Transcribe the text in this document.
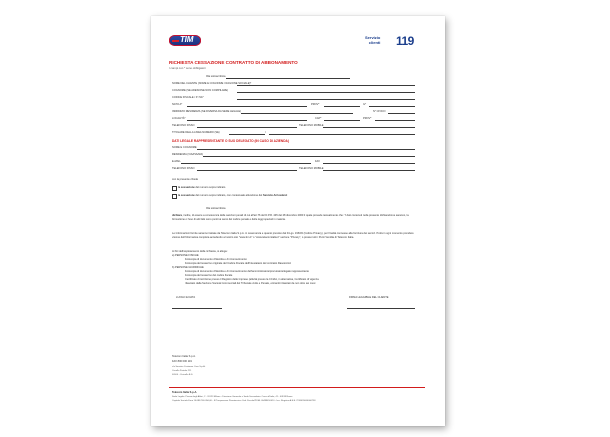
TIM	Servizio
clienti 119
RICHIESTA CESSAZIONE CONTRATTO DI ABBONAMENTO
I campi con * sono obbligatori
Il/la sottoscritto/a
NOME DEL CLIENTE (NOME E COGNOME / RAGIONE SOCIALE)*
COGNOME (SE ADESIONE NON COMPILARE)
CODICE FISCALE / P. IVA*
NATO A*	PROV*	IL*
INDIRIZZO RESIDENZA (SE DIVERSA DA SEDE LEGALE)	N° CIVICO
LOCALITÀ*	CAP*	PROV*
TELEFONO FISSO	TELEFONO MOBILE
TITOLARE DELLA LINEA NUMERO (SE)	/
DATI LEGALE RAPPRESENTANTE O SUO DELEGATO (IN CASO DI AZIENDA)
NOME E COGNOME
RESIDENZA (VIA/PIAZZA)
E-MAIL	FAX
TELEFONO FISSO	TELEFONO MOBILE
con la presente chiede
la cessazione del numero sopra indicato
la cessazione del numero sopra indicato, con contestuale attivazione del Servizio Arrivederci
Il/la sottoscritto/a
dichiara, inoltre, di essere a conoscenza delle sanzioni penali di cui all'art.76 del D.P.R. 445 del 28 dicembre 2000 il quale prevede testualmente che: "I dati contenuti nella presente dichiarazione saranno, la formazione o l'uso di atti falsi sono puniti ai sensi del codice penale e delle leggi speciali in materia.
Le Informazioni fornite saranno trattate da Telecom Italia S.p.A. in osservanza e quanto previsto dal D.Lgs. 196/03 (Codice Privacy), per finalità connesse alla fornitura dei servizi. Potrà in ogni momento prendere visione dell'informativa completa accedendo al nostro sito "www.tim.it" o "www.telecomitalia.it" sezione "Privacy", o presso tutti i Punti Vendita di Telecom Italia.
Ai fini dell'espletamento della richiesta, si allega:
a) PERSONE FISICHE
Fotocopia di documento d'identità e di riconoscimento
Fotocopia del tesserino originale del Codice Fiscale dell'intestatario del contratto Rasoiocicci
b) PERSONE GIURIDICHE
Fotocopia di documento d'identità e di riconoscimento dell'amministratore/procuratore/legale rappresentante
Fotocopia del tesserino del codice fiscale
Certificato di iscrizione presso il Registro delle Imprese (attività presso la CCIAA, in alternativa, Certificato di vigenza
rilasciato dalla Sezione Società Commerciali del Tribunale civile e Penale, entrambi rilasciati da non oltre sei mesi
LUOGO E DATA	FIRMA LEGGIBILE DEL CLIENTE
Telecom Italia S.p.A.
FAX 800 000 119
c/o Servizio Customer Care S.p.A.
Casella Postale 211
00100 - Cinisello B.S.
Telecom Italia S.p.A.
Sede Legale: Piazza degli Affari, 2 - 20123 Milano - Direzione Generale e Sede Secondaria: Corso d'Italia, 41 - 00198 Roma
Capitale Sociale Euro 10.688.746.056,60 - R.Trasparenza Pinnotecnica Cod. Fiscale/P.IVA: 00488410010 - Iscr. Registro A.E.E. IT08020000000758
